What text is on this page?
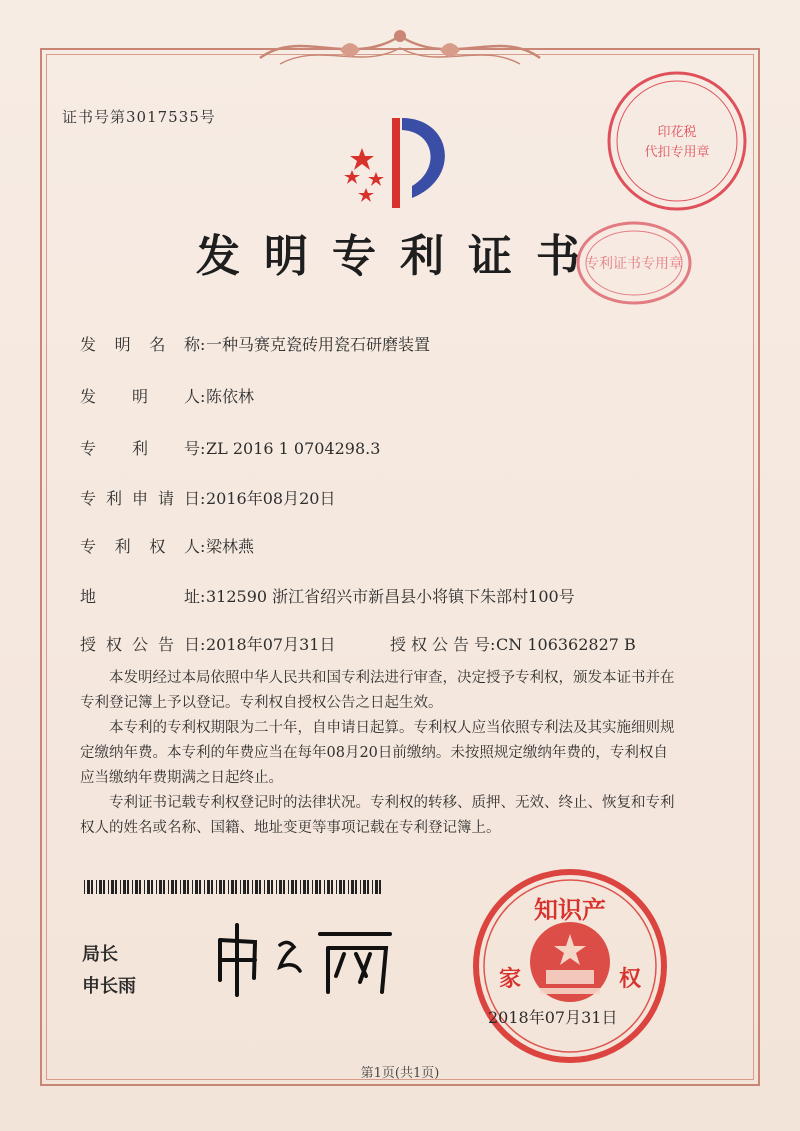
证书号第3017535号
发明专利证书
发明名称:一种马赛克瓷砖用瓷石研磨装置
发明人:陈依林
专利号:ZL 2016 1 0704298.3
专利申请日:2016年08月20日
专利权人:梁林燕
地址:312590 浙江省绍兴市新昌县小将镇下朱部村100号
授权公告日:2018年07月31日	授权公告号:CN 106362827 B

本发明经过本局依照中华人民共和国专利法进行审查，决定授予专利权，颁发本证书并在专利登记簿上予以登记。专利权自授权公告之日起生效。

本专利的专利权期限为二十年，自申请日起算。专利权人应当依照专利法及其实施细则规定缴纳年费。本专利的年费应当在每年08月20日前缴纳。未按照规定缴纳年费的，专利权自应当缴纳年费期满之日起终止。

专利证书记载专利权登记时的法律状况。专利权的转移、质押、无效、终止、恢复和专利权人的姓名或名称、国籍、地址变更等事项记载在专利登记簿上。

局长
申长雨
知识产
家	权
2018年07月31日
印花税
代扣专用章
专利证书专用章
第1页(共1页)
